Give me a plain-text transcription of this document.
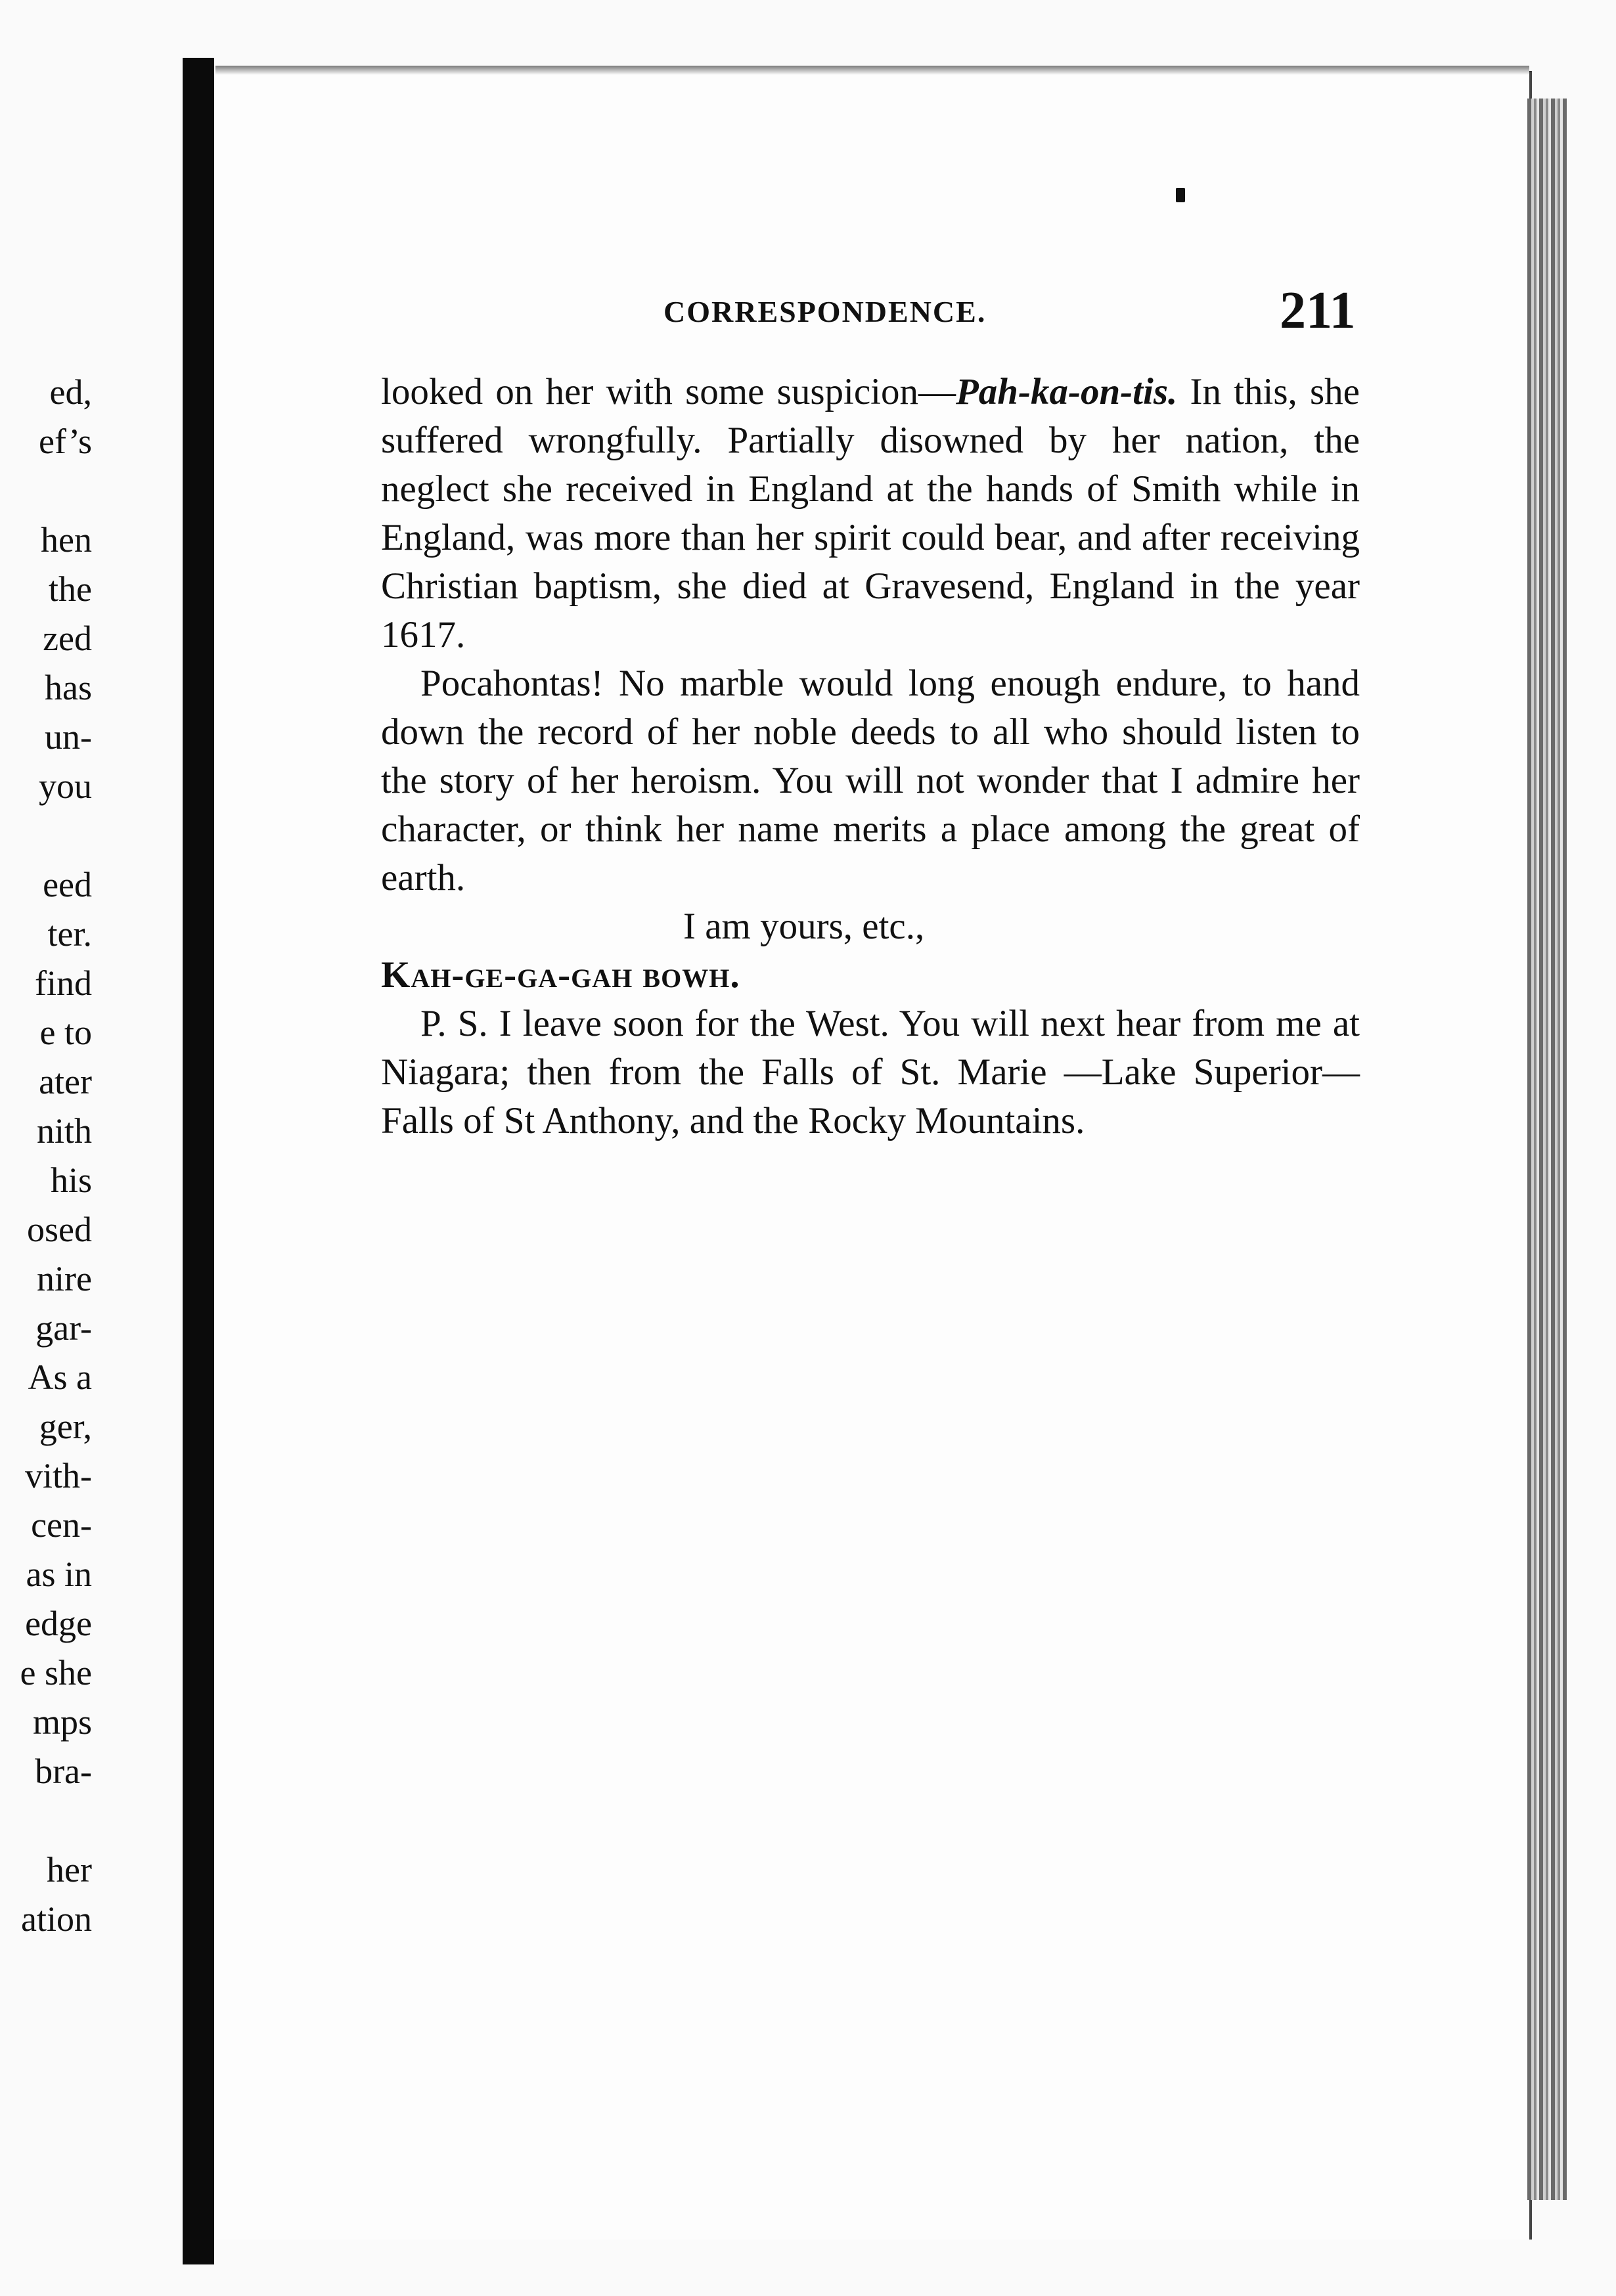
ed,
ef’s
hen
the
zed
has
un-
you
eed
ter.
find
e to
ater
nith
his
osed
nire
gar-
As a
ger,
vith-
cen-
as in
edge
e she
mps
bra-
her
ation
CORRESPONDENCE.	211

looked on her with some suspicion—Pah-ka-on-tis. In this, she suffered wrongfully. Partially disowned by her nation, the neglect she received in England at the hands of Smith while in England, was more than her spirit could bear, and after receiving Christian baptism, she died at Gravesend, England in the year 1617.

Pocahontas! No marble would long enough endure, to hand down the record of her noble deeds to all who should listen to the story of her heroism. You will not wonder that I admire her character, or think her name merits a place among the great of earth.

I am yours, etc.,

Kah-ge-ga-gah bowh.

P. S. I leave soon for the West. You will next hear from me at Niagara; then from the Falls of St. Marie —Lake Superior—Falls of St Anthony, and the Rocky Mountains.
